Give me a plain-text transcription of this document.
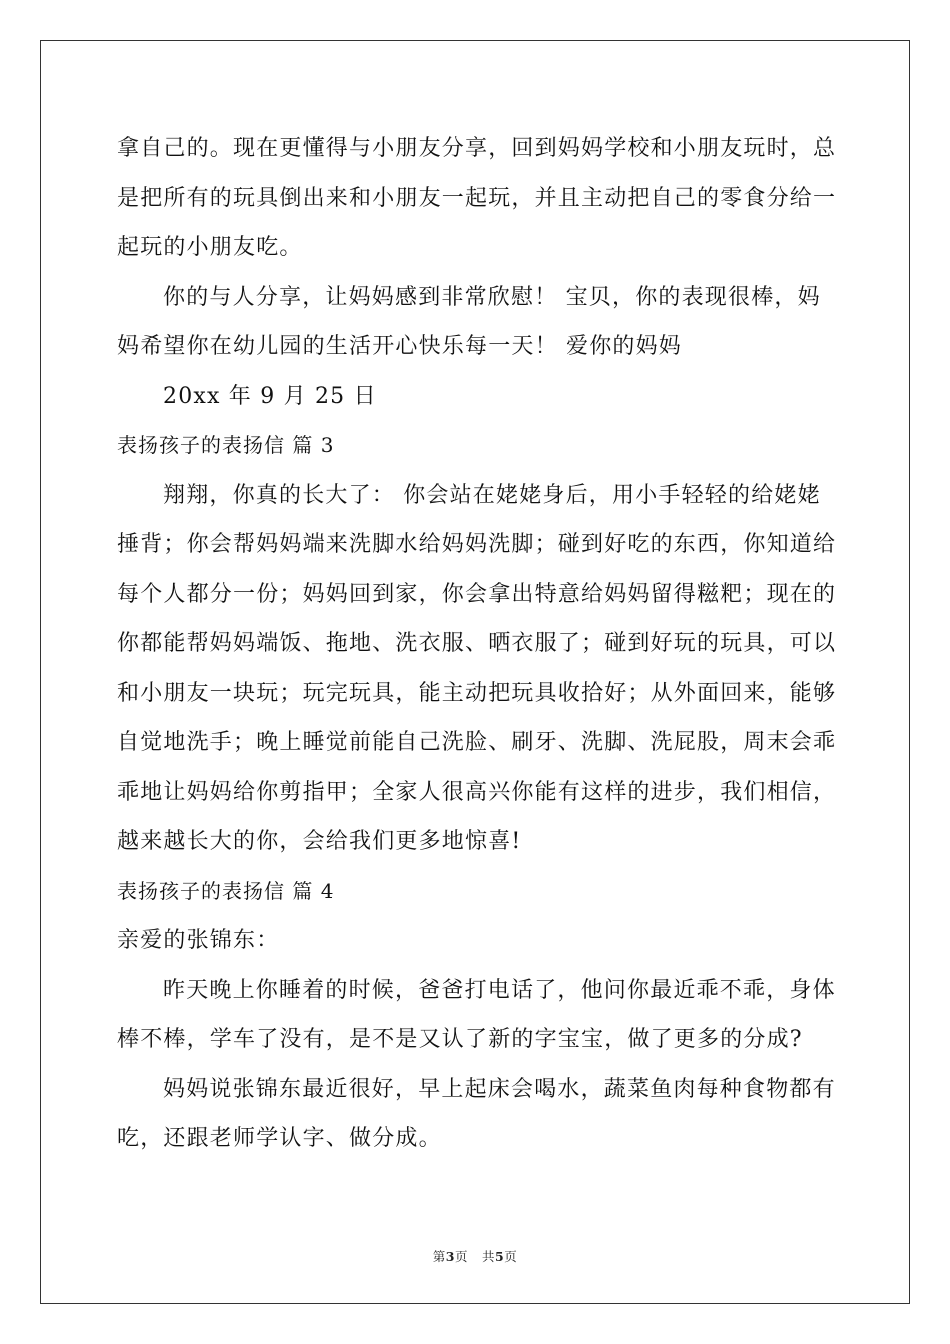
拿自己的。现在更懂得与小朋友分享，回到妈妈学校和小朋友玩时，总是把所有的玩具倒出来和小朋友一起玩，并且主动把自己的零食分给一起玩的小朋友吃。

你的与人分享，让妈妈感到非常欣慰！ 宝贝，你的表现很棒，妈妈希望你在幼儿园的生活开心快乐每一天！ 爱你的妈妈

20xx 年 9 月 25 日

表扬孩子的表扬信 篇 3

翔翔，你真的长大了： 你会站在姥姥身后，用小手轻轻的给姥姥捶背；你会帮妈妈端来洗脚水给妈妈洗脚；碰到好吃的东西，你知道给每个人都分一份；妈妈回到家，你会拿出特意给妈妈留得糍粑；现在的你都能帮妈妈端饭、拖地、洗衣服、晒衣服了；碰到好玩的玩具，可以和小朋友一块玩；玩完玩具，能主动把玩具收拾好；从外面回来，能够自觉地洗手；晚上睡觉前能自己洗脸、刷牙、洗脚、洗屁股，周末会乖乖地让妈妈给你剪指甲；全家人很高兴你能有这样的进步，我们相信，越来越长大的你，会给我们更多地惊喜!

表扬孩子的表扬信 篇 4

亲爱的张锦东：

昨天晚上你睡着的时候，爸爸打电话了，他问你最近乖不乖，身体棒不棒，学车了没有，是不是又认了新的字宝宝，做了更多的分成?

妈妈说张锦东最近很好，早上起床会喝水，蔬菜鱼肉每种食物都有吃，还跟老师学认字、做分成。

第3页 共5页
